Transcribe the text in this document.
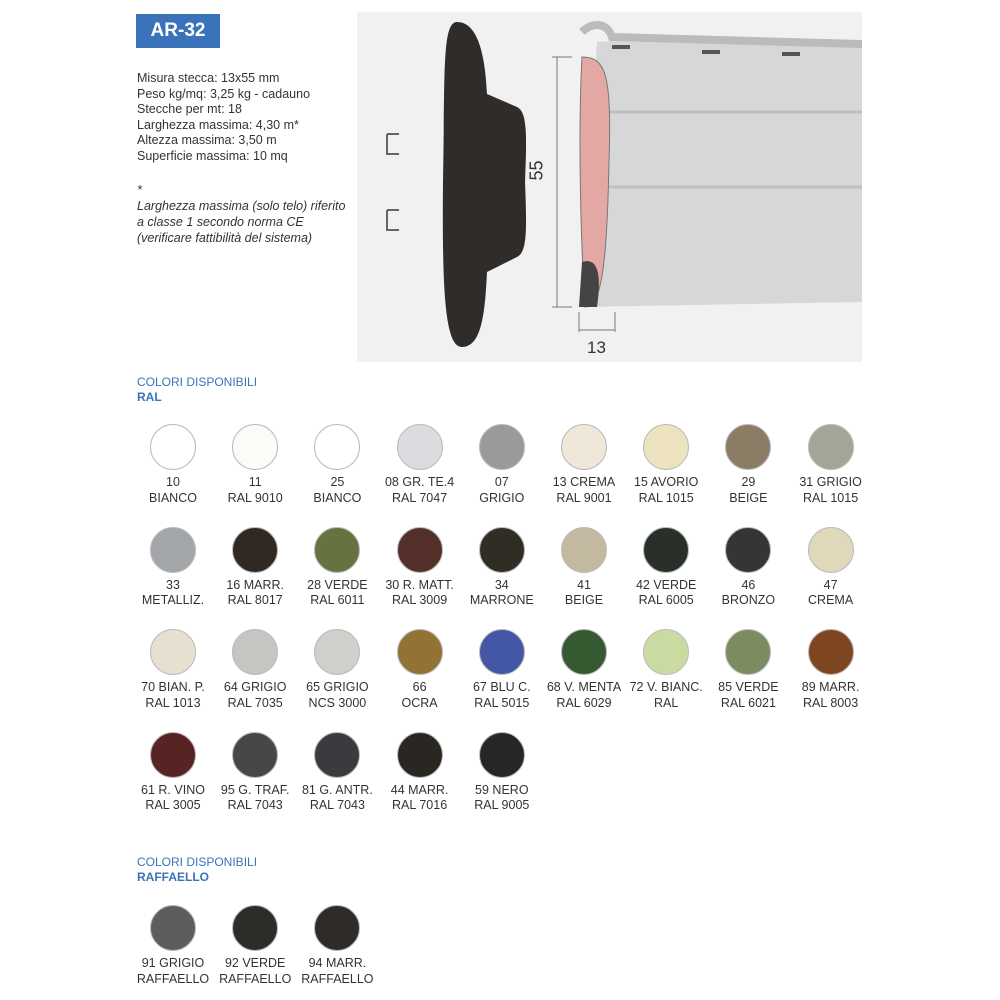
AR-32
Misura stecca: 13x55 mm
Peso kg/mq: 3,25 kg - cadauno
Stecche per mt: 18
Larghezza massima: 4,30 m*
Altezza massima: 3,50 m
Superficie massima: 10 mq
*
Larghezza massima (solo telo) riferito a classe 1 secondo norma CE (verificare fattibilità del sistema)
55
13
COLORI DISPONIBILI
RAL
COLORI DISPONIBILI
RAFFAELLO
10
BIANCO
11
RAL 9010
25
BIANCO
08 GR. TE.4
RAL 7047
07
GRIGIO
13 CREMA
RAL 9001
15 AVORIO
RAL 1015
29
BEIGE
31 GRIGIO
RAL 1015
33
METALLIZ.
16 MARR.
RAL 8017
28 VERDE
RAL 6011
30 R. MATT.
RAL 3009
34
MARRONE
41
BEIGE
42 VERDE
RAL 6005
46
BRONZO
47
CREMA
70 BIAN. P.
RAL 1013
64 GRIGIO
RAL 7035
65 GRIGIO
NCS 3000
66
OCRA
67 BLU C.
RAL 5015
68 V. MENTA
RAL 6029
72 V. BIANC.
RAL
85 VERDE
RAL 6021
89 MARR.
RAL 8003
61 R. VINO
RAL 3005
95 G. TRAF.
RAL 7043
81 G. ANTR.
RAL 7043
44 MARR.
RAL 7016
59 NERO
RAL 9005
91 GRIGIO
RAFFAELLO
92 VERDE
RAFFAELLO
94 MARR.
RAFFAELLO
